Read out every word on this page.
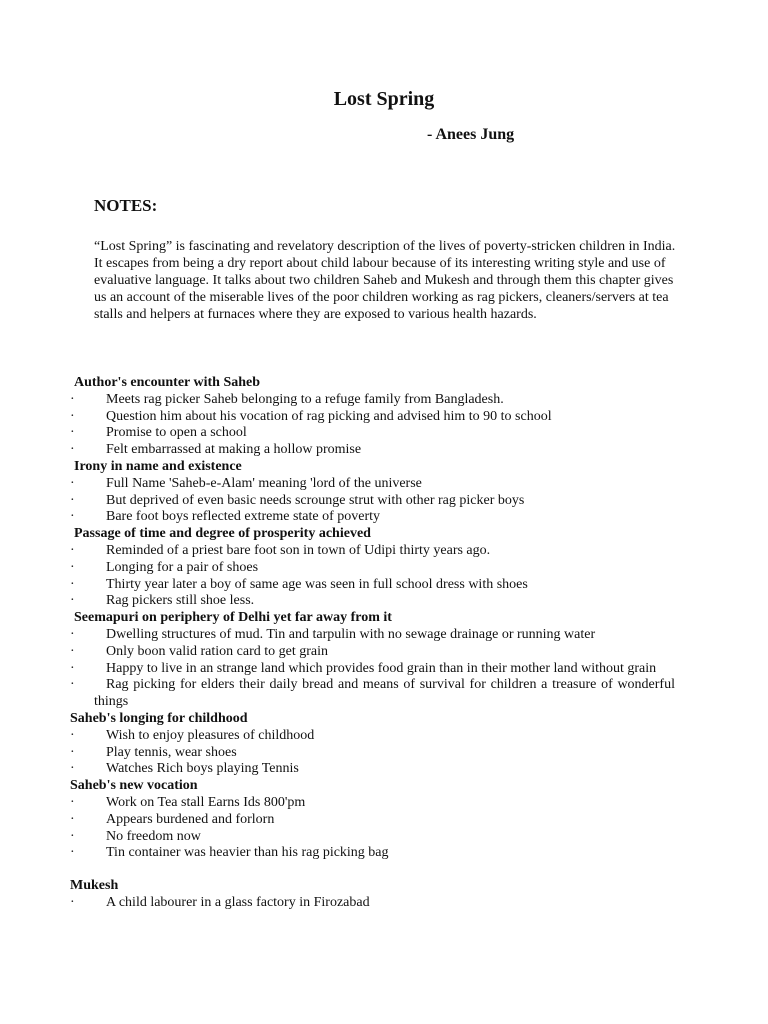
Lost Spring

- Anees Jung

NOTES:

“Lost Spring” is fascinating and revelatory description of the lives of poverty-stricken children in India. It escapes from being a dry report about child labour because of its interesting writing style and use of evaluative language. It talks about two children Saheb and Mukesh and through them this chapter gives us an account of the miserable lives of the poor children working as rag pickers, cleaners/servers at tea stalls and helpers at furnaces where they are exposed to various health hazards.

Author's encounter with Saheb

· Meets rag picker Saheb belonging to a refuge family from Bangladesh.

· Question him about his vocation of rag picking and advised him to 90 to school

· Promise to open a school

· Felt embarrassed at making a hollow promise

Irony in name and existence

· Full Name 'Saheb-e-Alam' meaning 'lord of the universe

· But deprived of even basic needs scrounge strut with other rag picker boys

· Bare foot boys reflected extreme state of poverty

Passage of time and degree of prosperity achieved

· Reminded of a priest bare foot son in town of Udipi thirty years ago.

· Longing for a pair of shoes

· Thirty year later a boy of same age was seen in full school dress with shoes

· Rag pickers still shoe less.

Seemapuri on periphery of Delhi yet far away from it

· Dwelling structures of mud. Tin and tarpulin with no sewage drainage or running water

· Only boon valid ration card to get grain

· Happy to live in an strange land which provides food grain than in their mother land without grain

· Rag picking for elders their daily bread and means of survival for children a treasure of wonderful things

Saheb's longing for childhood

· Wish to enjoy pleasures of childhood

· Play tennis, wear shoes

· Watches Rich boys playing Tennis

Saheb's new vocation

· Work on Tea stall Earns Ids 800'pm

· Appears burdened and forlorn

· No freedom now

· Tin container was heavier than his rag picking bag

Mukesh

· A child labourer in a glass factory in Firozabad
